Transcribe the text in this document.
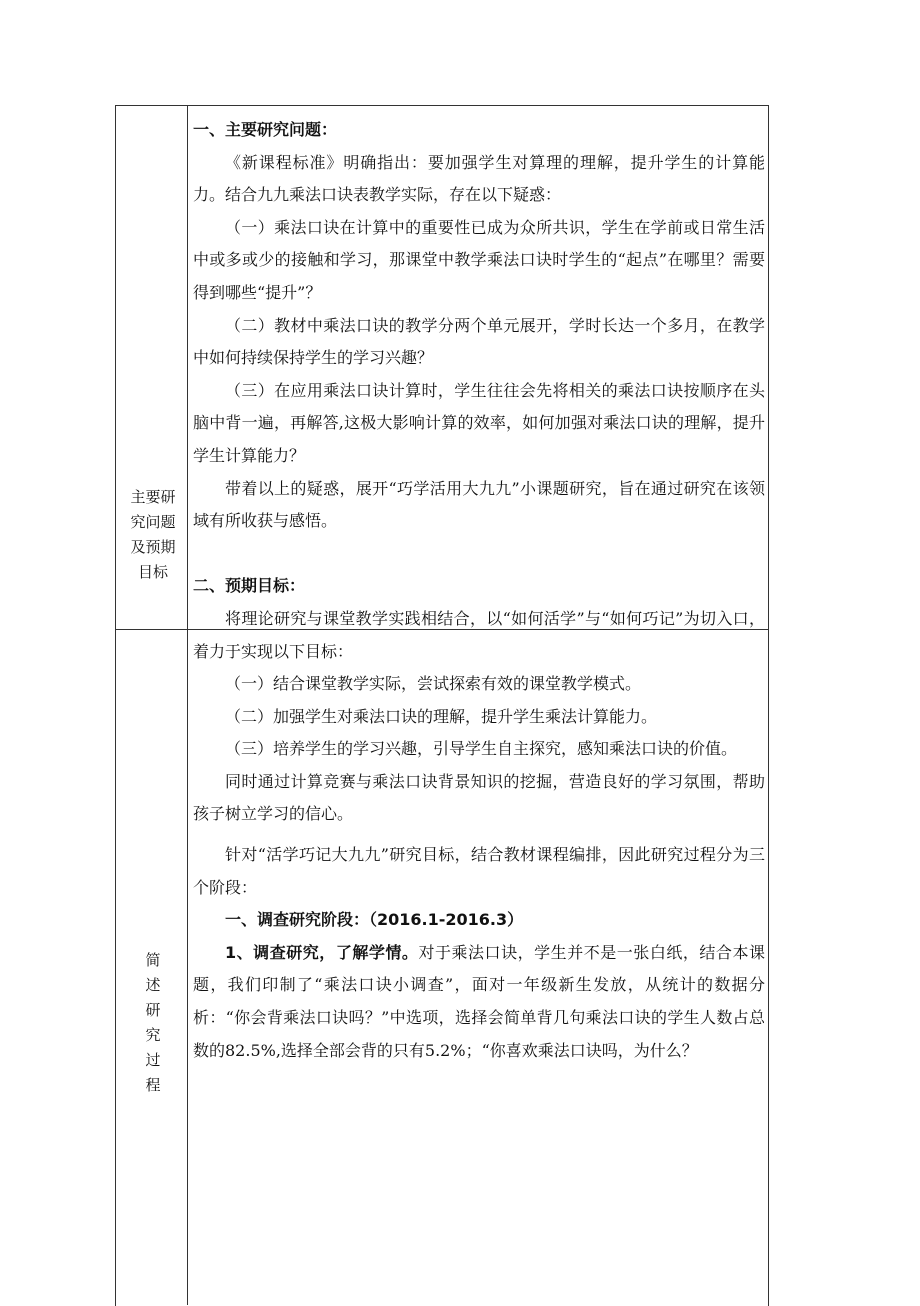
主要研
究问题
及预期
目标
简
述
研
究
过
程

一、主要研究问题：

《新课程标准》明确指出：要加强学生对算理的理解，提升学生的计算能力。结合九九乘法口诀表教学实际，存在以下疑惑：

（一）乘法口诀在计算中的重要性已成为众所共识，学生在学前或日常生活中或多或少的接触和学习，那课堂中教学乘法口诀时学生的“起点”在哪里？需要得到哪些“提升”？

（二）教材中乘法口诀的教学分两个单元展开，学时长达一个多月，在教学中如何持续保持学生的学习兴趣？

（三）在应用乘法口诀计算时，学生往往会先将相关的乘法口诀按顺序在头脑中背一遍，再解答,这极大影响计算的效率，如何加强对乘法口诀的理解，提升学生计算能力？

带着以上的疑惑，展开“巧学活用大九九”小课题研究，旨在通过研究在该领域有所收获与感悟。

二、预期目标：

将理论研究与课堂教学实践相结合，以“如何活学”与“如何巧记”为切入口，着力于实现以下目标：

（一）结合课堂教学实际，尝试探索有效的课堂教学模式。

（二）加强学生对乘法口诀的理解，提升学生乘法计算能力。

（三）培养学生的学习兴趣，引导学生自主探究，感知乘法口诀的价值。

同时通过计算竞赛与乘法口诀背景知识的挖掘，营造良好的学习氛围，帮助孩子树立学习的信心。

针对“活学巧记大九九”研究目标，结合教材课程编排，因此研究过程分为三个阶段：

一、调查研究阶段：（2016.1-2016.3）

1、调查研究，了解学情。对于乘法口诀，学生并不是一张白纸，结合本课题，我们印制了“乘法口诀小调查”，面对一年级新生发放，从统计的数据分析：“你会背乘法口诀吗？”中选项，选择会简单背几句乘法口诀的学生人数占总数的82.5%,选择全部会背的只有5.2%；“你喜欢乘法口诀吗，为什么？
